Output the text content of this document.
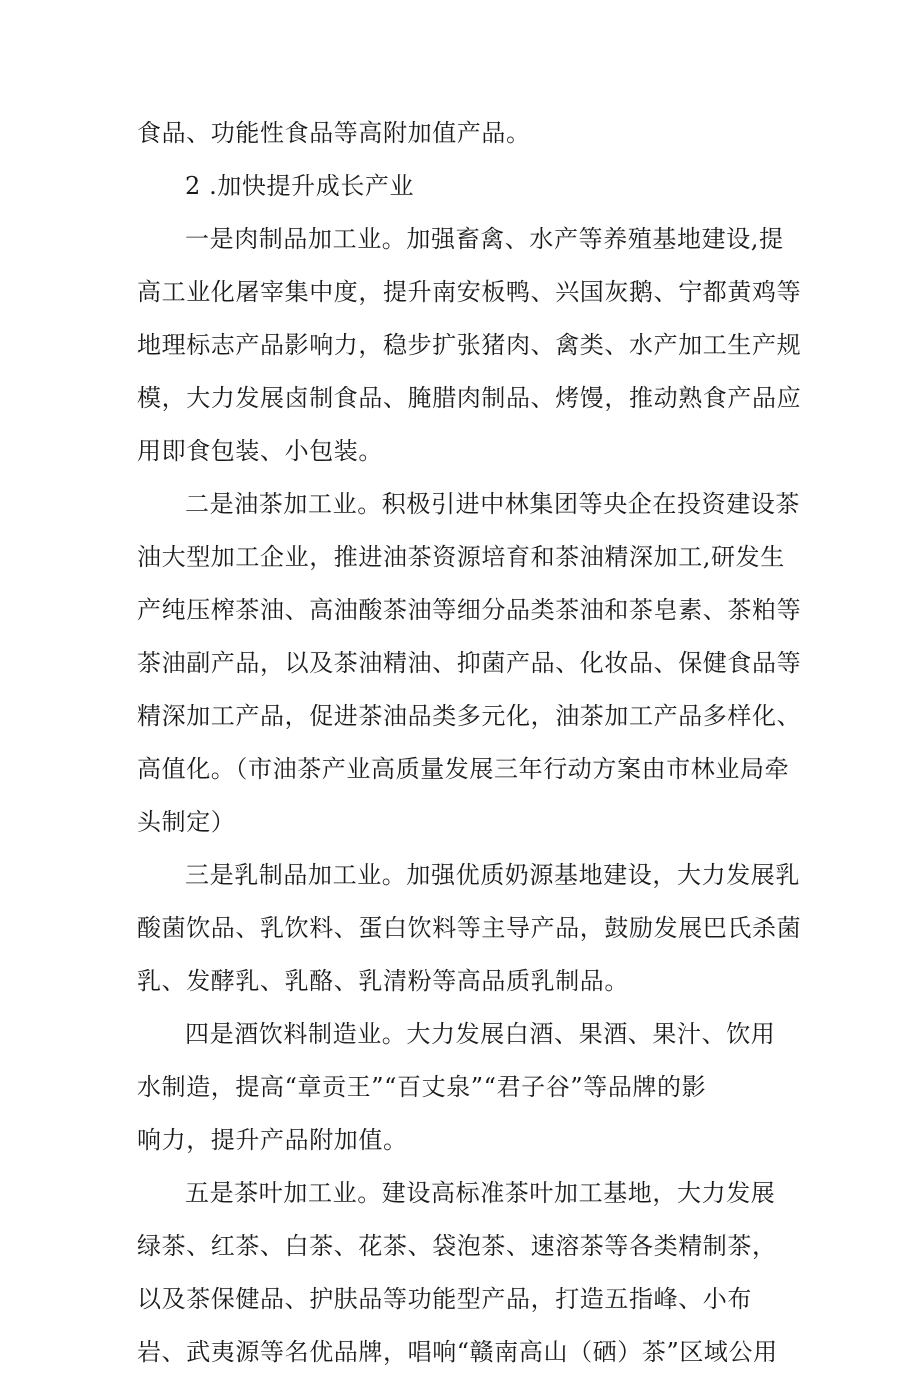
食品、功能性食品等高附加值产品。
2 .加快提升成长产业
一是肉制品加工业。加强畜禽、水产等养殖基地建设,提
高工业化屠宰集中度，提升南安板鸭、兴国灰鹅、宁都黄鸡等
地理标志产品影响力，稳步扩张猪肉、禽类、水产加工生产规
模，大力发展卤制食品、腌腊肉制品、烤馒，推动熟食产品应
用即食包装、小包装。
二是油茶加工业。积极引进中林集团等央企在投资建设茶
油大型加工企业，推进油茶资源培育和茶油精深加工,研发生
产纯压榨茶油、高油酸茶油等细分品类茶油和茶皂素、茶粕等
茶油副产品，以及茶油精油、抑菌产品、化妆品、保健食品等
精深加工产品，促进茶油品类多元化，油茶加工产品多样化、
高值化。（市油茶产业高质量发展三年行动方案由市林业局牵
头制定）
三是乳制品加工业。加强优质奶源基地建设，大力发展乳
酸菌饮品、乳饮料、蛋白饮料等主导产品，鼓励发展巴氏杀菌
乳、发酵乳、乳酪、乳清粉等高品质乳制品。
四是酒饮料制造业。大力发展白酒、果酒、果汁、饮用
水制造，提高“章贡王”“百丈泉”“君子谷”等品牌的影
响力，提升产品附加值。
五是茶叶加工业。建设高标准茶叶加工基地，大力发展
绿茶、红茶、白茶、花茶、袋泡茶、速溶茶等各类精制茶，
以及茶保健品、护肤品等功能型产品，打造五指峰、小布
岩、武夷源等名优品牌，唱响“赣南高山（硒）茶”区域公用
